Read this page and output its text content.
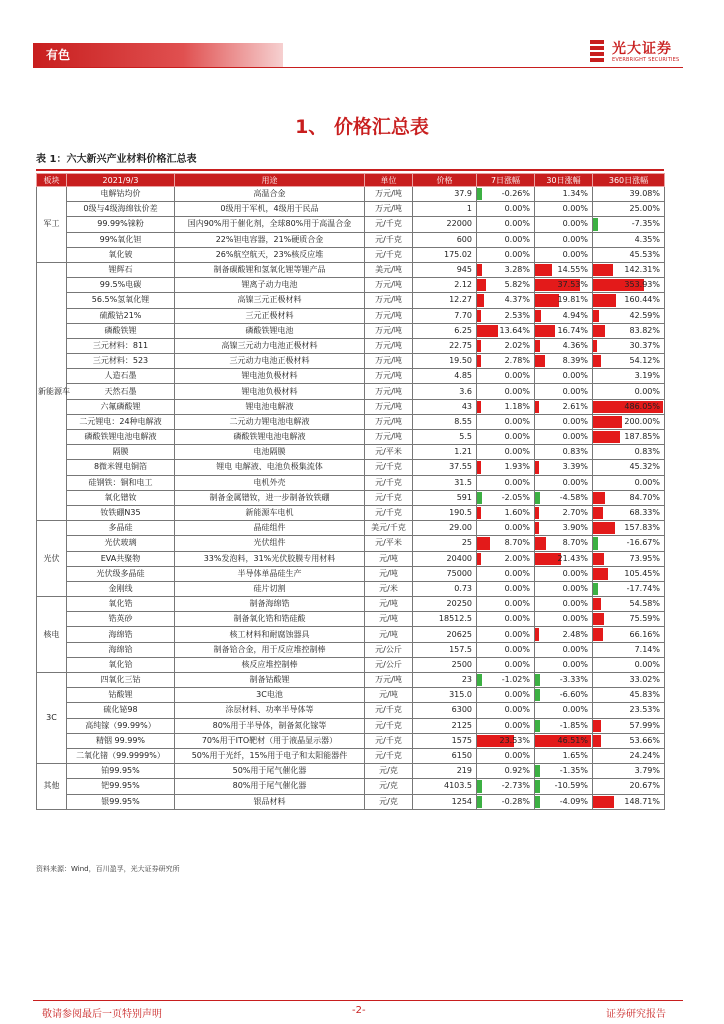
有色	光大证券
EVERBRIGHT SECURITIES
1、 价格汇总表
表 1：六大新兴产业材料价格汇总表
板块	2021/9/3	用途	单位	价格	7日涨幅	30日涨幅	360日涨幅
军工	电解钴均价	高温合金	万元/吨	37.9	-0.26%	1.34%	39.08%
	0级与4级海绵钛价差	0级用于军机，4级用于民品	万元/吨	1	0.00%	0.00%	25.00%
	99.99%铼粉	国内90%用于催化剂，全球80%用于高温合金	元/千克	22000	0.00%	0.00%	-7.35%
	99%氧化钽	22%钽电容器，21%硬质合金	元/千克	600	0.00%	0.00%	4.35%
	氧化铍	26%航空航天，23%核反应堆	元/千克	175.02	0.00%	0.00%	45.53%
新能源车	锂辉石	制备碳酸锂和氢氧化锂等锂产品	美元/吨	945	3.28%	14.55%	142.31%
	99.5%电碳	锂离子动力电池	万元/吨	2.12	5.82%	37.53%	353.93%
	56.5%氢氧化锂	高镍三元正极材料	万元/吨	12.27	4.37%	19.81%	160.44%
	硫酸钴21%	三元正极材料	万元/吨	7.70	2.53%	4.94%	42.59%
	磷酸铁锂	磷酸铁锂电池	万元/吨	6.25	13.64%	16.74%	83.82%
	三元材料：811	高镍三元动力电池正极材料	万元/吨	22.75	2.02%	4.36%	30.37%
	三元材料：523	三元动力电池正极材料	万元/吨	19.50	2.78%	8.39%	54.12%
	人造石墨	锂电池负极材料	万元/吨	4.85	0.00%	0.00%	3.19%
	天然石墨	锂电池负极材料	万元/吨	3.6	0.00%	0.00%	0.00%
	六氟磷酸锂	锂电池电解液	万元/吨	43	1.18%	2.61%	486.05%
	二元锂电：24种电解液	二元动力锂电池电解液	万元/吨	8.55	0.00%	0.00%	200.00%
	磷酸铁锂电池电解液	磷酸铁锂电池电解液	万元/吨	5.5	0.00%	0.00%	187.85%
	隔膜	电池隔膜	元/平米	1.21	0.00%	0.83%	0.83%
	8微米锂电铜箔	锂电 电解液、电池负极集流体	元/千克	37.55	1.93%	3.39%	45.32%
	硅钢铁：铜和电工	电机外壳	元/千克	31.5	0.00%	0.00%	0.00%
	氧化镨钕	制备金属镨钕，进一步制备钕铁硼	元/千克	591	-2.05%	-4.58%	84.70%
	钕铁硼N35	新能源车电机	元/千克	190.5	1.60%	2.70%	68.33%
光伏	多晶硅	晶硅组件	美元/千克	29.00	0.00%	3.90%	157.83%
	光伏玻璃	光伏组件	元/平米	25	8.70%	8.70%	-16.67%
	EVA共聚物	33%发泡料，31%光伏胶膜专用材料	元/吨	20400	2.00%	21.43%	73.95%
	光伏级多晶硅	半导体单晶硅生产	元/吨	75000	0.00%	0.00%	105.45%
	金刚线	硅片切割	元/米	0.73	0.00%	0.00%	-17.74%
核电	氧化锆	制备海绵锆	元/吨	20250	0.00%	0.00%	54.58%
	锆英砂	制备氧化锆和锆硅酸	元/吨	18512.5	0.00%	0.00%	75.59%
	海绵锆	核工材料和耐腐蚀器具	元/吨	20625	0.00%	2.48%	66.16%
	海绵铪	制备铪合金，用于反应堆控制棒	元/公斤	157.5	0.00%	0.00%	7.14%
	氧化铪	核反应堆控制棒	元/公斤	2500	0.00%	0.00%	0.00%
3C	四氧化三钴	制备钴酸锂	万元/吨	23	-1.02%	-3.33%	33.02%
	钴酸锂	3C电池	元/吨	315.0	0.00%	-6.60%	45.83%
	硫化铋98	涂层材料、功率半导体等	元/千克	6300	0.00%	0.00%	23.53%
	高纯镓（99.99%）	80%用于半导体，制备氮化镓等	元/千克	2125	0.00%	-1.85%	57.99%
	精铟 99.99%	70%用于ITO靶材（用于液晶显示器）	元/千克	1575	23.53%	46.51%	53.66%
	二氧化锗（99.9999%）	50%用于光纤，15%用于电子和太阳能器件	元/千克	6150	0.00%	1.65%	24.24%
其他	铂99.95%	50%用于尾气催化器	元/克	219	0.92%	-1.35%	3.79%
	钯99.95%	80%用于尾气催化器	元/克	4103.5	-2.73%	-10.59%	20.67%
	银99.95%	银品材料	元/克	1254	-0.28%	-4.09%	148.71%
资料来源：Wind，百川盈孚，光大证券研究所
敬请参阅最后一页特别声明	-2-	证券研究报告
